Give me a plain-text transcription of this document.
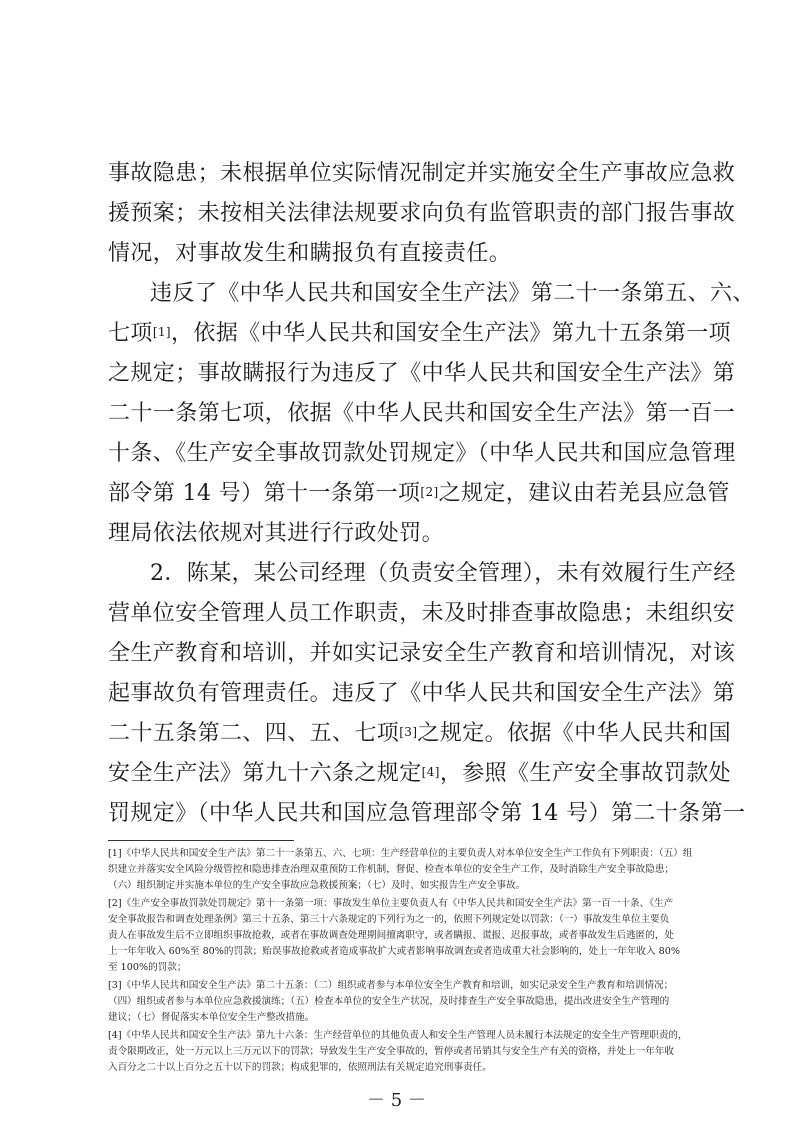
事故隐患；未根据单位实际情况制定并实施安全生产事故应急救
援预案；未按相关法律法规要求向负有监管职责的部门报告事故
情况，对事故发生和瞒报负有直接责任。
违反了《中华人民共和国安全生产法》第二十一条第五、六、
七项[1]，依据《中华人民共和国安全生产法》第九十五条第一项
之规定；事故瞒报行为违反了《中华人民共和国安全生产法》第
二十一条第七项，依据《中华人民共和国安全生产法》第一百一
十条、《生产安全事故罚款处罚规定》（中华人民共和国应急管理
部令第 14 号）第十一条第一项[2]之规定，建议由若羌县应急管
理局依法依规对其进行行政处罚。
2．陈某，某公司经理（负责安全管理），未有效履行生产经
营单位安全管理人员工作职责，未及时排查事故隐患；未组织安
全生产教育和培训，并如实记录安全生产教育和培训情况，对该
起事故负有管理责任。违反了《中华人民共和国安全生产法》第
二十五条第二、四、五、七项[3]之规定。依据《中华人民共和国
安全生产法》第九十六条之规定[4]，参照《生产安全事故罚款处
罚规定》（中华人民共和国应急管理部令第 14 号）第二十条第一
[1]《中华人民共和国安全生产法》第二十一条第五、六、七项：生产经营单位的主要负责人对本单位安全生产工作负有下列职责：（五）组
织建立并落实安全风险分级管控和隐患排查治理双重预防工作机制，督促、检查本单位的安全生产工作，及时消除生产安全事故隐患；
（六）组织制定并实施本单位的生产安全事故应急救援预案；（七）及时、如实报告生产安全事故。
[2]《生产安全事故罚款处罚规定》第十一条第一项：事故发生单位主要负责人有《中华人民共和国安全生产法》第一百一十条、《生产
安全事故报告和调查处理条例》第三十五条、第三十六条规定的下列行为之一的，依照下列规定处以罚款：（一）事故发生单位主要负
责人在事故发生后不立即组织事故抢救，或者在事故调查处理期间擅离职守，或者瞒报、谎报、迟报事故，或者事故发生后逃匿的，处
上一年年收入 60%至 80%的罚款；贻误事故抢救或者造成事故扩大或者影响事故调查或者造成重大社会影响的，处上一年年收入 80%
至 100%的罚款；
[3]《中华人民共和国安全生产法》第二十五条：（二）组织或者参与本单位安全生产教育和培训，如实记录安全生产教育和培训情况；
（四）组织或者参与本单位应急救援演练；（五）检查本单位的安全生产状况，及时排查生产安全事故隐患，提出改进安全生产管理的
建议；（七）督促落实本单位安全生产整改措施。
[4]《中华人民共和国安全生产法》第九十六条：生产经营单位的其他负责人和安全生产管理人员未履行本法规定的安全生产管理职责的，
责令限期改正，处一万元以上三万元以下的罚款；导致发生生产安全事故的，暂停或者吊销其与安全生产有关的资格，并处上一年年收
入百分之二十以上百分之五十以下的罚款；构成犯罪的，依照刑法有关规定追究刑事责任。
－ 5 －
